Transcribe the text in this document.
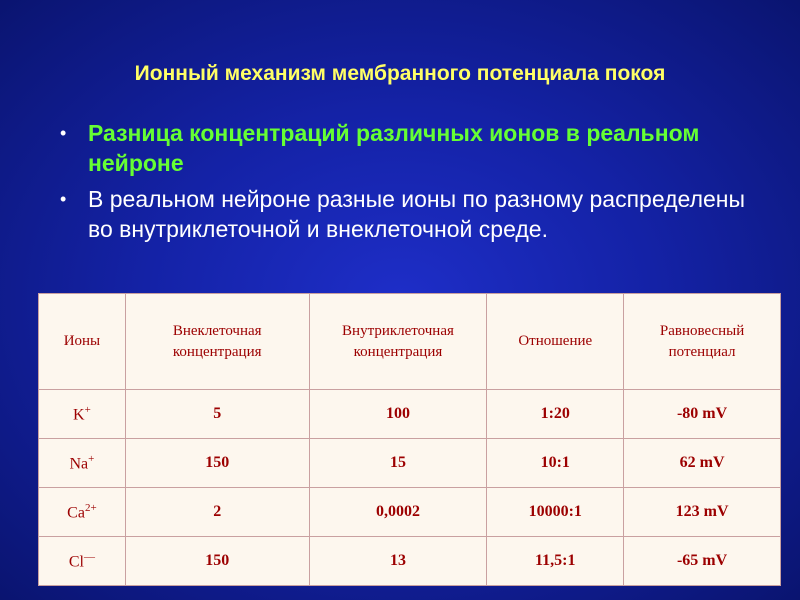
Ионный механизм мембранного потенциала покоя
• Разница концентраций различных ионов в реальном нейроне
• В реальном нейроне разные ионы по разному распределены во внутриклеточной и внеклеточной среде.
Ионы	Внеклеточная концентрация	Внутриклеточная концентрация	Отношение	Равновесный потенциал
K+	5	100	1:20	-80 mV
Na+	150	15	10:1	62 mV
$Ca^{2+}$	2	0,0002	10000:1	123 mV
Cl—	150	13	11,5:1	-65 mV
